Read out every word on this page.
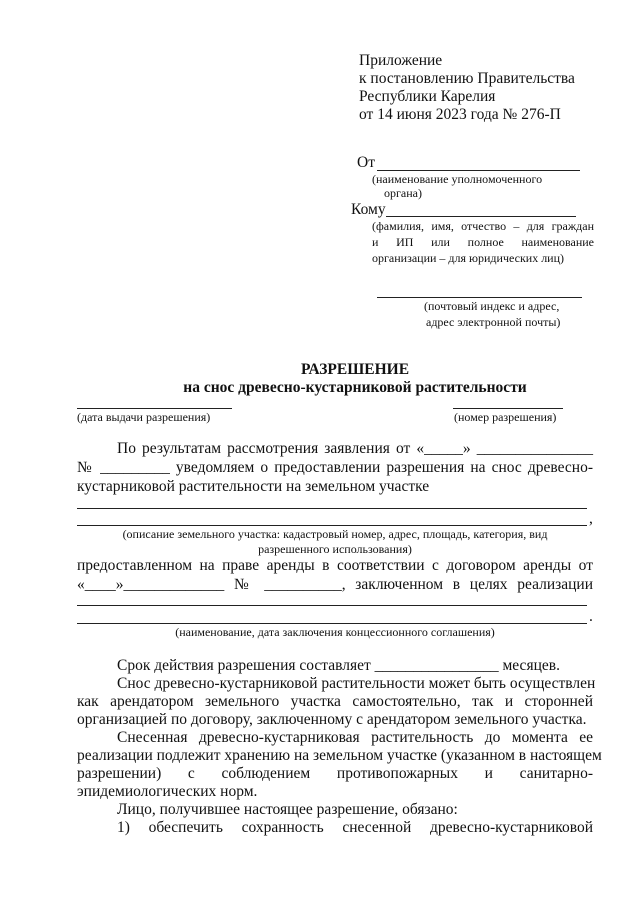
Приложение
к постановлению Правительства
Республики Карелия
от 14 июня 2023 года № 276-П
От
(наименование уполномоченного
органа)
Кому
(фамилия, имя, отчество – для граждан
и ИП или полное наименование
организации – для юридических лиц)
(почтовый индекс и адрес,
адрес электронной почты)
РАЗРЕШЕНИЕ
на снос древесно-кустарниковой растительности
(дата выдачи разрешения)	(номер разрешения)
По результатам рассмотрения заявления от «_____» _______________
№ _________ уведомляем о предоставлении разрешения на снос древесно-
кустарниковой растительности на земельном участке
,
(описание земельного участка: кадастровый номер, адрес, площадь, категория, вид
разрешенного использования)
предоставленном на праве аренды в соответствии с договором аренды от
«____»_____________ № __________, заключенном в целях реализации
.
(наименование, дата заключения концессионного соглашения)
Срок действия разрешения составляет ________________ месяцев.
Снос древесно-кустарниковой растительности может быть осуществлен
как арендатором земельного участка самостоятельно, так и сторонней
организацией по договору, заключенному с арендатором земельного участка.
Снесенная древесно-кустарниковая растительность до момента ее
реализации подлежит хранению на земельном участке (указанном в настоящем
разрешении) с соблюдением противопожарных и санитарно-
эпидемиологических норм.
Лицо, получившее настоящее разрешение, обязано:
1) обеспечить сохранность снесенной древесно-кустарниковой
